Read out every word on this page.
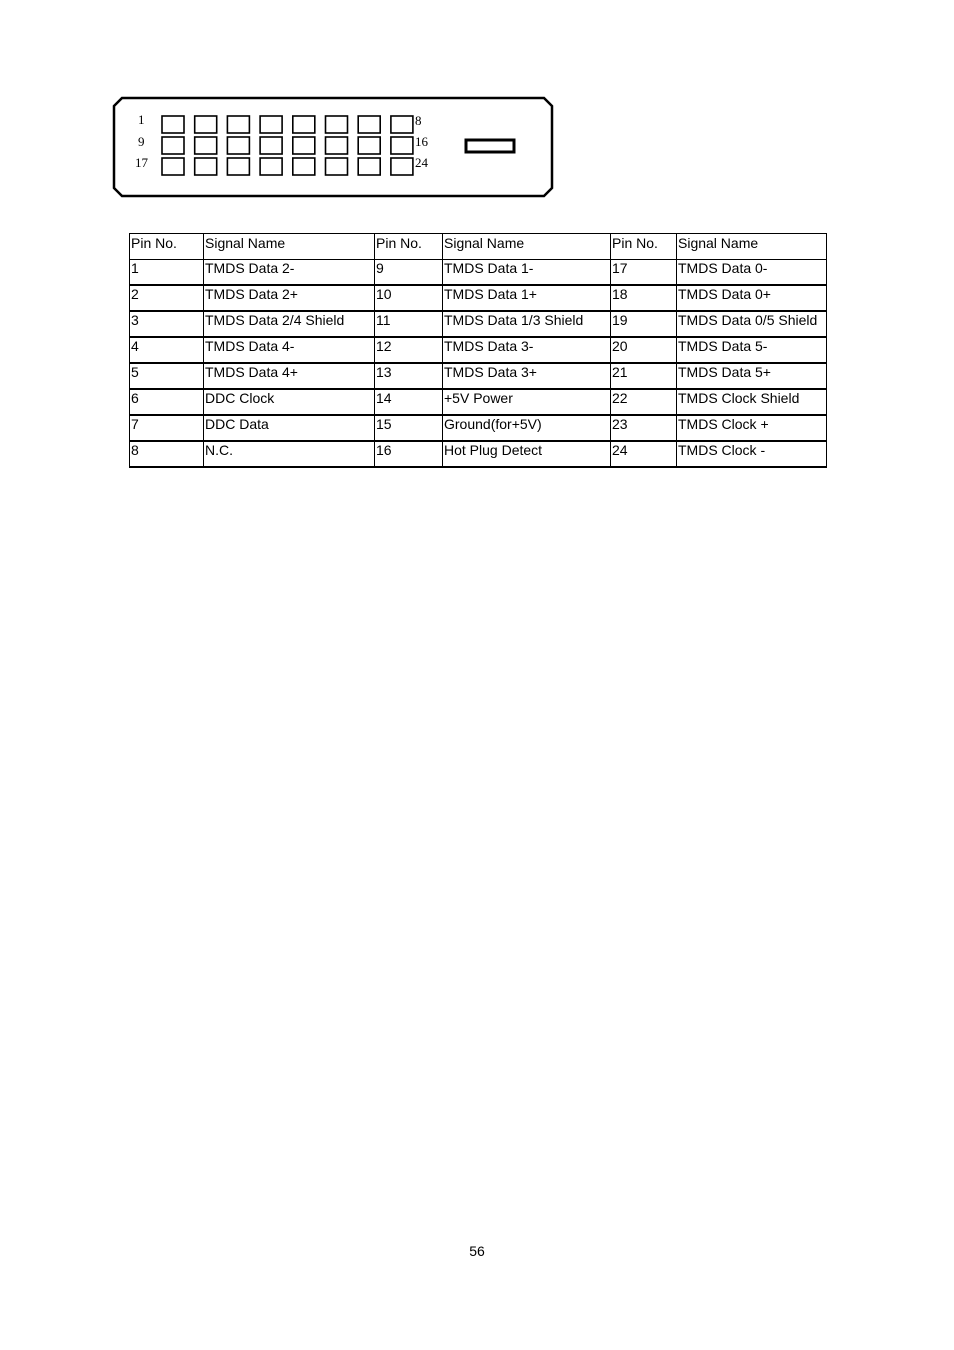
1	8
9	16
17	24
Pin No.	Signal Name	Pin No.	Signal Name	Pin No.	Signal Name
1	TMDS Data 2-	9	TMDS Data 1-	17	TMDS Data 0-
2	TMDS Data 2+	10	TMDS Data 1+	18	TMDS Data 0+
3	TMDS Data 2/4 Shield	11	TMDS Data 1/3 Shield	19	TMDS Data 0/5 Shield
4	TMDS Data 4-	12	TMDS Data 3-	20	TMDS Data 5-
5	TMDS Data 4+	13	TMDS Data 3+	21	TMDS Data 5+
6	DDC Clock	14	+5V Power	22	TMDS Clock Shield
7	DDC Data	15	Ground(for+5V)	23	TMDS Clock +
8	N.C.	16	Hot Plug Detect	24	TMDS Clock -
56
